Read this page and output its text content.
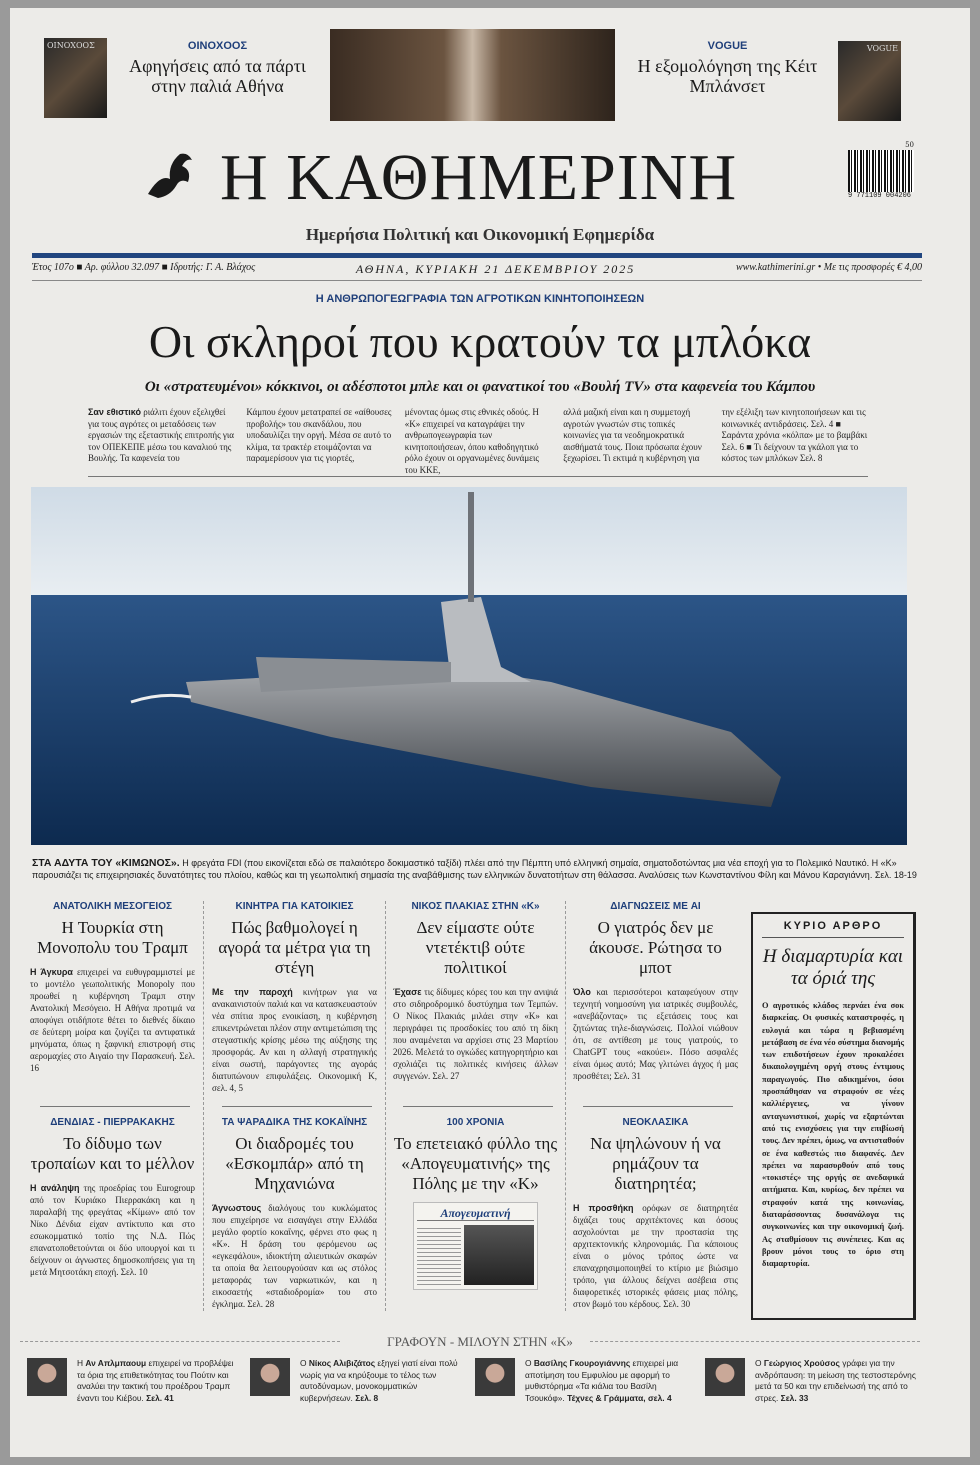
ΟΙΝΟΧΟΟΣ	ΟΙΝΟΧΟΟΣ
Αφηγήσεις από τα πάρτι στην παλιά Αθήνα
VOGUE
Η εξομολόγηση της Κέιτ Μπλάνσετ
VOGUE
Η ΚΑΘΗΜΕΡΙΝΗ	9 771109 004206
50
Ημερήσια Πολιτική και Οικονομική Εφημερίδα
Έτος 107ο ■ Αρ. φύλλου 32.097 ■ Ιδρυτής: Γ. Α. Βλάχος	ΑΘΗΝΑ, ΚΥΡΙΑΚΗ 21 ΔΕΚΕΜΒΡΙΟΥ 2025	www.kathimerini.gr • Με τις προσφορές € 4,00
Η ΑΝΘΡΩΠΟΓΕΩΓΡΑΦΙΑ ΤΩΝ ΑΓΡΟΤΙΚΩΝ ΚΙΝΗΤΟΠΟΙΗΣΕΩΝ
Οι σκληροί που κρατούν τα μπλόκα
Οι «στρατευμένοι» κόκκινοι, οι αδέσποτοι μπλε και οι φανατικοί του «Βουλή TV» στα καφενεία του Κάμπου
Σαν εθιστικό ριάλιτι έχουν εξελιχθεί για τους αγρότες οι μεταδόσεις των εργασιών της εξεταστικής επιτροπής για τον ΟΠΕΚΕΠΕ μέσω του καναλιού της Βουλής. Τα καφενεία του
Κάμπου έχουν μετατραπεί σε «αίθουσες προβολής» του σκανδάλου, που υποδαυλίζει την οργή. Μέσα σε αυτό το κλίμα, τα τρακτέρ ετοιμάζονται να παραμερίσουν για τις γιορτές,
μένοντας όμως στις εθνικές οδούς. Η «Κ» επιχειρεί να καταγράψει την ανθρωπογεωγραφία των κινητοποιήσεων, όπου καθοδηγητικό ρόλο έχουν οι οργανωμένες δυνάμεις του ΚΚΕ,
αλλά μαζική είναι και η συμμετοχή αγροτών γνωστών στις τοπικές κοινωνίες για τα νεοδημοκρατικά αισθήματά τους. Ποια πρόσωπα έχουν ξεχωρίσει. Τι εκτιμά η κυβέρνηση για
την εξέλιξη των κινητοποιήσεων και τις κοινωνικές αντιδράσεις. Σελ. 4 ■ Σαράντα χρόνια «κόλπα» με το βαμβάκι Σελ. 6 ■ Τι δείχνουν τα γκάλοπ για το κόστος των μπλόκων Σελ. 8
ΣΤΑ ΑΔΥΤΑ ΤΟΥ «ΚΙΜΩΝΟΣ». Η φρεγάτα FDI (που εικονίζεται εδώ σε παλαιότερο δοκιμαστικό ταξίδι) πλέει από την Πέμπτη υπό ελληνική σημαία, σηματοδοτώντας μια νέα εποχή για το Πολεμικό Ναυτικό. Η «Κ» παρουσιάζει τις επιχειρησιακές δυνατότητες του πλοίου, καθώς και τη γεωπολιτική σημασία της αναβάθμισης των ελληνικών δυνατοτήτων στη θάλασσα. Αναλύσεις των Κωνσταντίνου Φίλη και Μάνου Καραγιάννη. Σελ. 18-19
ΑΝΑΤΟΛΙΚΗ ΜΕΣΟΓΕΙΟΣ
Η Τουρκία στη Μονοπολυ του Τραμπ
Η Άγκυρα επιχειρεί να ευθυγραμμιστεί με το μοντέλο γεωπολιτικής Monopoly που προωθεί η κυβέρνηση Τραμπ στην Ανατολική Μεσόγειο. Η Αθήνα προτιμά να αποφύγει οτιδήποτε θέτει το διεθνές δίκαιο σε δεύτερη μοίρα και ζυγίζει τα αντιφατικά μηνύματα, όπως η ξαφνική επιστροφή στις αερομαχίες στο Αιγαίο την Παρασκευή. Σελ. 16
ΚΙΝΗΤΡΑ ΓΙΑ ΚΑΤΟΙΚΙΕΣ
Πώς βαθμολογεί η αγορά τα μέτρα για τη στέγη
Με την παροχή κινήτρων για να ανακαινιστούν παλιά και να κατασκευαστούν νέα σπίτια προς ενοικίαση, η κυβέρνηση επικεντρώνεται πλέον στην αντιμετώπιση της στεγαστικής κρίσης μέσω της αύξησης της προσφοράς. Αν και η αλλαγή στρατηγικής είναι σωστή, παράγοντες της αγοράς διατυπώνουν επιφυλάξεις. Οικονομική Κ, σελ. 4, 5
ΝΙΚΟΣ ΠΛΑΚΙΑΣ ΣΤΗΝ «Κ»
Δεν είμαστε ούτε ντετέκτιβ ούτε πολιτικοί
Έχασε τις δίδυμες κόρες του και την ανιψιά στο σιδηροδρομικό δυστύχημα των Τεμπών. Ο Νίκος Πλακιάς μιλάει στην «Κ» και περιγράφει τις προσδοκίες του από τη δίκη που αναμένεται να αρχίσει στις 23 Μαρτίου 2026. Μελετά το ογκώδες κατηγορητήριο και σχολιάζει τις πολιτικές κινήσεις άλλων συγγενών. Σελ. 27
ΔΙΑΓΝΩΣΕΙΣ ΜΕ AI
Ο γιατρός δεν με άκουσε. Ρώτησα το μποτ
Όλο και περισσότεροι καταφεύγουν στην τεχνητή νοημοσύνη για ιατρικές συμβουλές, «ανεβάζοντας» τις εξετάσεις τους και ζητώντας τηλε-διαγνώσεις. Πολλοί νιώθουν ότι, σε αντίθεση με τους γιατρούς, το ChatGPT τους «ακούει». Πόσο ασφαλές είναι όμως αυτό; Μας γλιτώνει άγχος ή μας προσθέτει; Σελ. 31
ΔΕΝΔΙΑΣ - ΠΙΕΡΡΑΚΑΚΗΣ
Το δίδυμο των τροπαίων και το μέλλον
Η ανάληψη της προεδρίας του Eurogroup από τον Κυριάκο Πιερρακάκη και η παραλαβή της φρεγάτας «Κίμων» από τον Νίκο Δένδια είχαν αντίκτυπο και στο εσωκομματικό τοπίο της Ν.Δ. Πώς επανατοποθετούνται οι δύο υπουργοί και τι δείχνουν οι άγνωστες δημοσκοπήσεις για τη μετά Μητσοτάκη εποχή. Σελ. 10
ΤΑ ΨΑΡΑΔΙΚΑ ΤΗΣ ΚΟΚΑΪΝΗΣ
Οι διαδρομές του «Εσκομπάρ» από τη Μηχανιώνα
Άγνωστους διαλόγους του κυκλώματος που επιχείρησε να εισαγάγει στην Ελλάδα μεγάλο φορτίο κοκαΐνης, φέρνει στο φως η «Κ». Η δράση του φερόμενου ως «εγκεφάλου», ιδιοκτήτη αλιευτικών σκαφών τα οποία θα λειτουργούσαν και ως στόλος μεταφοράς των ναρκωτικών, και η εικοσαετής «σταδιοδρομία» του στο έγκλημα. Σελ. 28
100 ΧΡΟΝΙΑ
Το επετειακό φύλλο της «Απογευματινής» της Πόλης με την «Κ»
Απογευματινή
ΝΕΟΚΛΑΣΙΚΑ
Να ψηλώνουν ή να ρημάζουν τα διατηρητέα;
Η προσθήκη ορόφων σε διατηρητέα διχάζει τους αρχιτέκτονες και όσους ασχολούνται με την προστασία της αρχιτεκτονικής κληρονομιάς. Για κάποιους είναι ο μόνος τρόπος ώστε να επαναχρησιμοποιηθεί το κτίριο με βιώσιμο τρόπο, για άλλους δείχνει ασέβεια στις διαφορετικές ιστορικές φάσεις μιας πόλης, στον βωμό του κέρδους. Σελ. 30
ΚΥΡΙΟ ΑΡΘΡΟ
Η διαμαρτυρία και τα όριά της
Ο αγροτικός κλάδος περνάει ένα σοκ διαρκείας. Οι φυσικές καταστροφές, η ευλογιά και τώρα η βεβιασμένη μετάβαση σε ένα νέο σύστημα διανομής των επιδοτήσεων έχουν προκαλέσει δικαιολογημένη οργή στους έντιμους παραγωγούς. Πιο αδικημένοι, όσοι προσπάθησαν να στραφούν σε νέες καλλιέργειες, να γίνουν ανταγωνιστικοί, χωρίς να εξαρτώνται από τις ενισχύσεις για την επιβίωσή τους. Δεν πρέπει, όμως, να αντισταθούν σε ένα καθεστώς πιο διαφανές. Δεν πρέπει να παρασυρθούν από τους «τοκιστές» της οργής σε ανεδαφικά αιτήματα. Και, κυρίως, δεν πρέπει να στραφούν κατά της κοινωνίας, διαταράσσοντας δυσανάλογα τις συγκοινωνίες και την οικονομική ζωή. Ας σταθμίσουν τις συνέπειες. Και ας βρουν μόνοι τους το όριο στη διαμαρτυρία.
ΓΡΑΦΟΥΝ - ΜΙΛΟΥΝ ΣΤΗΝ «Κ»
Η Αν Απλμπαουμ επιχειρεί να προβλέψει τα όρια της επιθετικότητας του Πούτιν και αναλύει την τακτική του προέδρου Τραμπ έναντι του Κιέβου. Σελ. 41
Ο Νίκος Αλιβιζάτος εξηγεί γιατί είναι πολύ νωρίς για να κηρύξουμε το τέλος των αυτοδύναμων, μονοκομματικών κυβερνήσεων. Σελ. 8
Ο Βασίλης Γκουρογιάννης επιχειρεί μια αποτίμηση του Εμφυλίου με αφορμή το μυθιστόρημα «Τα κιάλια του Βασίλη Τσουκόφ». Τέχνες & Γράμματα, σελ. 4
Ο Γεώργιος Χρούσος γράφει για την ανδρόπαυση: τη μείωση της τεστοστερόνης μετά τα 50 και την επιδείνωσή της από το στρες. Σελ. 33
